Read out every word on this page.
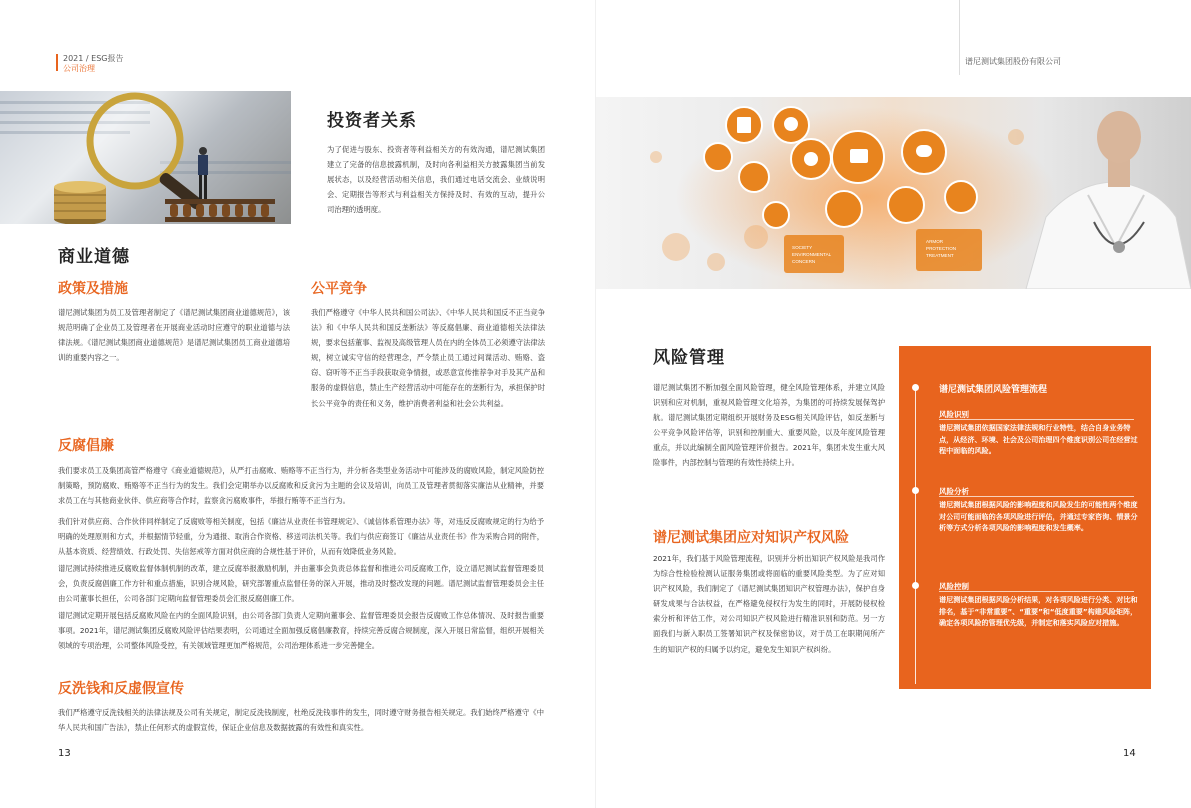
2021 / ESG报告
公司治理
投资者关系
为了促进与股东、投资者等利益相关方的有效沟通，谱尼测试集团建立了完备的信息披露机制，及时向各利益相关方披露集团当前发展状态，以及经营活动相关信息，我们通过电话交流会、业绩说明会、定期报告等形式与利益相关方保持及时、有效的互动，提升公司治理的透明度。
商业道德
政策及措施
谱尼测试集团为员工及管理者制定了《谱尼测试集团商业道德规范》，该规范明确了企业员工及管理者在开展商业活动时应遵守的职业道德与法律法规。《谱尼测试集团商业道德规范》是谱尼测试集团员工商业道德培训的重要内容之一。
公平竞争
我们严格遵守《中华人民共和国公司法》、《中华人民共和国反不正当竞争法》和《中华人民共和国反垄断法》等反腐倡廉、商业道德相关法律法规，要求包括董事、监视及高级管理人员在内的全体员工必须遵守法律法规，树立诚实守信的经营理念，严令禁止员工通过间谍活动、贿赂、盗窃、窃听等不正当手段获取竞争情报，或恶意宣传推荐争对手及其产品和服务的虚假信息，禁止生产经营活动中可能存在的垄断行为，承担保护时长公平竞争的责任和义务，维护消费者利益和社会公共利益。
反腐倡廉
我们要求员工及集团高管严格遵守《商业道德规范》，从严打击腐败、贿赂等不正当行为，并分析各类型业务活动中可能涉及的腐败风险，制定风险防控制策略，预防腐败、贿赂等不正当行为的发生。我们会定期举办以反腐败和反贪污为主题的会议及培训，向员工及管理者贯彻落实廉洁从业精神，并要求员工在与其他商业伙伴、供应商等合作时，监察贪污腐败事件，举报行贿等不正当行为。
我们针对供应商、合作伙伴同样制定了反腐败等相关制度，包括《廉洁从业责任书管理规定》、《诚信体系管理办法》等，对违反反腐败规定的行为给予明确的处理原则和方式，并根据情节轻重，分为通报、取消合作资格、移送司法机关等。我们与供应商签订《廉洁从业责任书》作为采购合同的附件，从基本资质、经营绩效、行政处罚、失信惩戒等方面对供应商的合规性基于评价，从而有效降低业务风险。
谱尼测试持续推进反腐败监督体制机制的改革，建立反腐举报激励机制，并由董事会负责总体监督和推进公司反腐败工作，设立谱尼测试监督管理委员会，负责反腐倡廉工作方针和重点措施，识别合规风险，研究部署重点监督任务的深入开展，推动及时整改发现的问题。谱尼测试监督管理委员会主任由公司董事长担任，公司各部门定期向监督管理委员会汇报反腐倡廉工作。
谱尼测试定期开展包括反腐败风险在内的全面风险识别，由公司各部门负责人定期向董事会、监督管理委员会报告反腐败工作总体情况、及时报告重要事项。2021年，谱尼测试集团反腐败风险评估结果表明，公司通过全面加强反腐倡廉教育，持续完善反腐合规制度，深入开展日常监督，组织开展相关领域的专项治理，公司整体风险受控，有关领域管理更加严格规范，公司治理体系进一步完善健全。
反洗钱和反虚假宣传
我们严格遵守反洗钱相关的法律法规及公司有关规定，制定反洗钱制度，杜绝反洗钱事件的发生，同时遵守财务报告相关规定。我们始终严格遵守《中华人民共和国广告法》，禁止任何形式的虚假宣传，保证企业信息及数据披露的有效性和真实性。
13
谱尼测试集团股份有限公司
SOCIETY
ENVIRONMENTAL
CONCERN
ARMOR
PROTECTION
TREATMENT
风险管理
谱尼测试集团不断加强全面风险管理，健全风险管理体系，并建立风险识别和应对机制，重视风险管理文化培养，为集团的可持续发展保驾护航。谱尼测试集团定期组织开展财务及ESG相关风险评估，如反垄断与公平竞争风险评估等，识别和控制重大、重要风险，以及年度风险管理重点，并以此编制全面风险管理评价报告。2021年，集团未发生重大风险事件，内部控制与管理的有效性持续上升。
谱尼测试集团应对知识产权风险
2021年，我们基于风险管理流程，识别并分析出知识产权风险是我司作为综合性检验检测认证服务集团或将面临的重要风险类型。为了应对知识产权风险，我们制定了《谱尼测试集团知识产权管理办法》，保护自身研发成果与合法权益，在严格避免侵权行为发生的同时，开展防侵权检索分析和评估工作，对公司知识产权风险进行精准识别和防范。另一方面我们与新入职员工签署知识产权及保密协议，对于员工在职期间所产生的知识产权的归属予以约定，避免发生知识产权纠纷。
谱尼测试集团风险管理流程
风险识别
谱尼测试集团依据国家法律法规和行业特性，结合自身业务特点，从经济、环境、社会及公司治理四个维度识别公司在经营过程中面临的风险。
风险分析
谱尼测试集团根据风险的影响程度和风险发生的可能性两个维度对公司可能面临的各项风险进行评估，并通过专家咨询、情景分析等方式分析各项风险的影响程度和发生概率。
风险控制
谱尼测试集团根据风险分析结果，对各项风险进行分类、对比和排名，基于“非常重要”、“重要”和“低度重要”构建风险矩阵，确定各项风险的管理优先级，并制定和落实风险应对措施。
14
